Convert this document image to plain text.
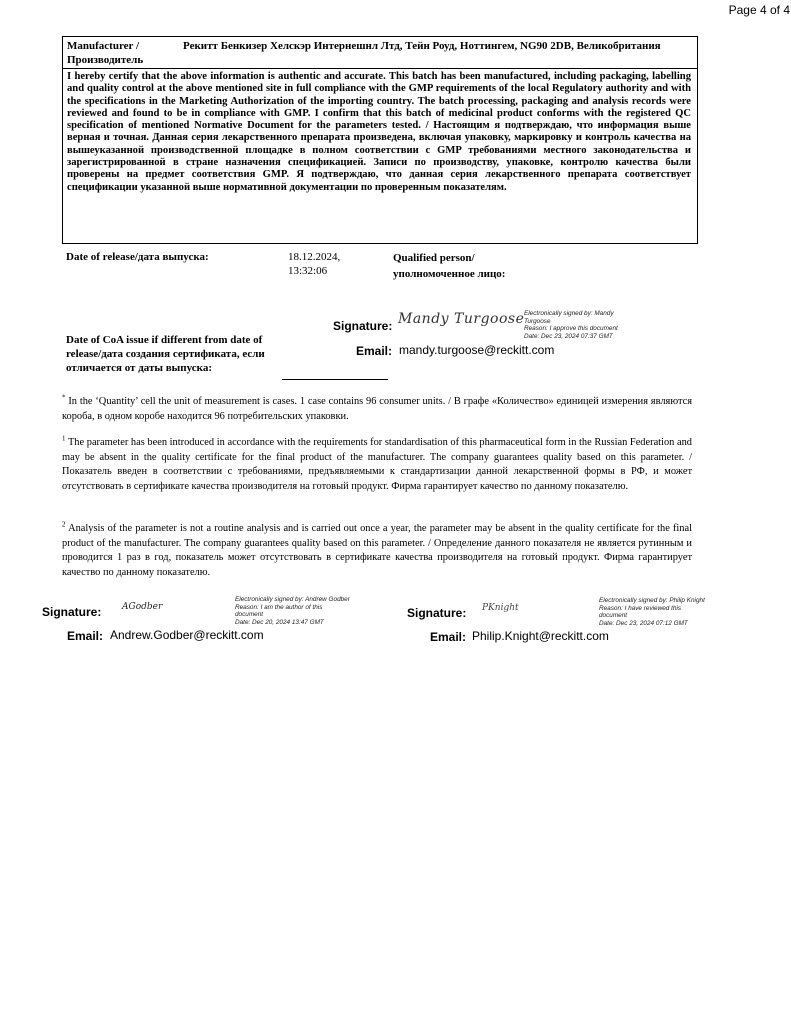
Page 4 of 4
Manufacturer / Производитель
Рекитт Бенкизер Хелскэр Интернешнл Лтд, Тейн Роуд, Ноттингем, NG90 2DB, Великобритания
I hereby certify that the above information is authentic and accurate. This batch has been manufactured, including packaging, labelling and quality control at the above mentioned site in full compliance with the GMP requirements of the local Regulatory authority and with the specifications in the Marketing Authorization of the importing country. The batch processing, packaging and analysis records were reviewed and found to be in compliance with GMP. I confirm that this batch of medicinal product conforms with the registered QC specification of mentioned Normative Document for the parameters tested. / Настоящим я подтверждаю, что информация выше верная и точная. Данная серия лекарственного препарата произведена, включая упаковку, маркировку и контроль качества на вышеуказанной производственной площадке в полном соответствии с GMP требованиями местного законодательства и зарегистрированной в стране назначения спецификацией. Записи по производству, упаковке, контролю качества были проверены на предмет соответствия GMP. Я подтверждаю, что данная серия лекарственного препарата соответствует спецификации указанной выше нормативной документации по проверенным показателям.
Date of release/дата выпуска:	18.12.2024,
13:32:06
Qualified person/
уполномоченное лицо:
Signature: Mandy Turgoose Electronically signed by: Mandy
Turgoose
Reason: I approve this document
Date: Dec 23, 2024 07:37 GMT
Email: mandy.turgoose@reckitt.com
Date of CoA issue if different from date of release/дата создания сертификата, если отличается от даты выпуска:
* In the ‘Quantity’ cell the unit of measurement is cases. 1 case contains 96 consumer units. / В графе «Количество» единицей измерения являются короба, в одном коробе находится 96 потребительских упаковки.
$^1$ The parameter has been introduced in accordance with the requirements for standardisation of this pharmaceutical form in the Russian Federation and may be absent in the quality certificate for the final product of the manufacturer. The company guarantees quality based on this parameter. / Показатель введен в соответствии с требованиями, предъявляемыми к стандартизации данной лекарственной формы в РФ, и может отсутствовать в сертификате качества производителя на готовый продукт. Фирма гарантирует качество по данному показателю.
$^2$ Analysis of the parameter is not a routine analysis and is carried out once a year, the parameter may be absent in the quality certificate for the final product of the manufacturer. The company guarantees quality based on this parameter. / Определение данного показателя не является рутинным и проводится 1 раз в год, показатель может отсутствовать в сертификате качества производителя на готовый продукт. Фирма гарантирует качество по данному показателю.
Signature: AGodber
Electronically signed by: Andrew Godber
Reason: I am the author of this
document
Date: Dec 20, 2024 13:47 GMT
Email: Andrew.Godber@reckitt.com
Signature: PKnight
Electronically signed by: Philip Knight
Reason: I have reviewed this
document
Date: Dec 23, 2024 07:12 GMT
Email: Philip.Knight@reckitt.com
